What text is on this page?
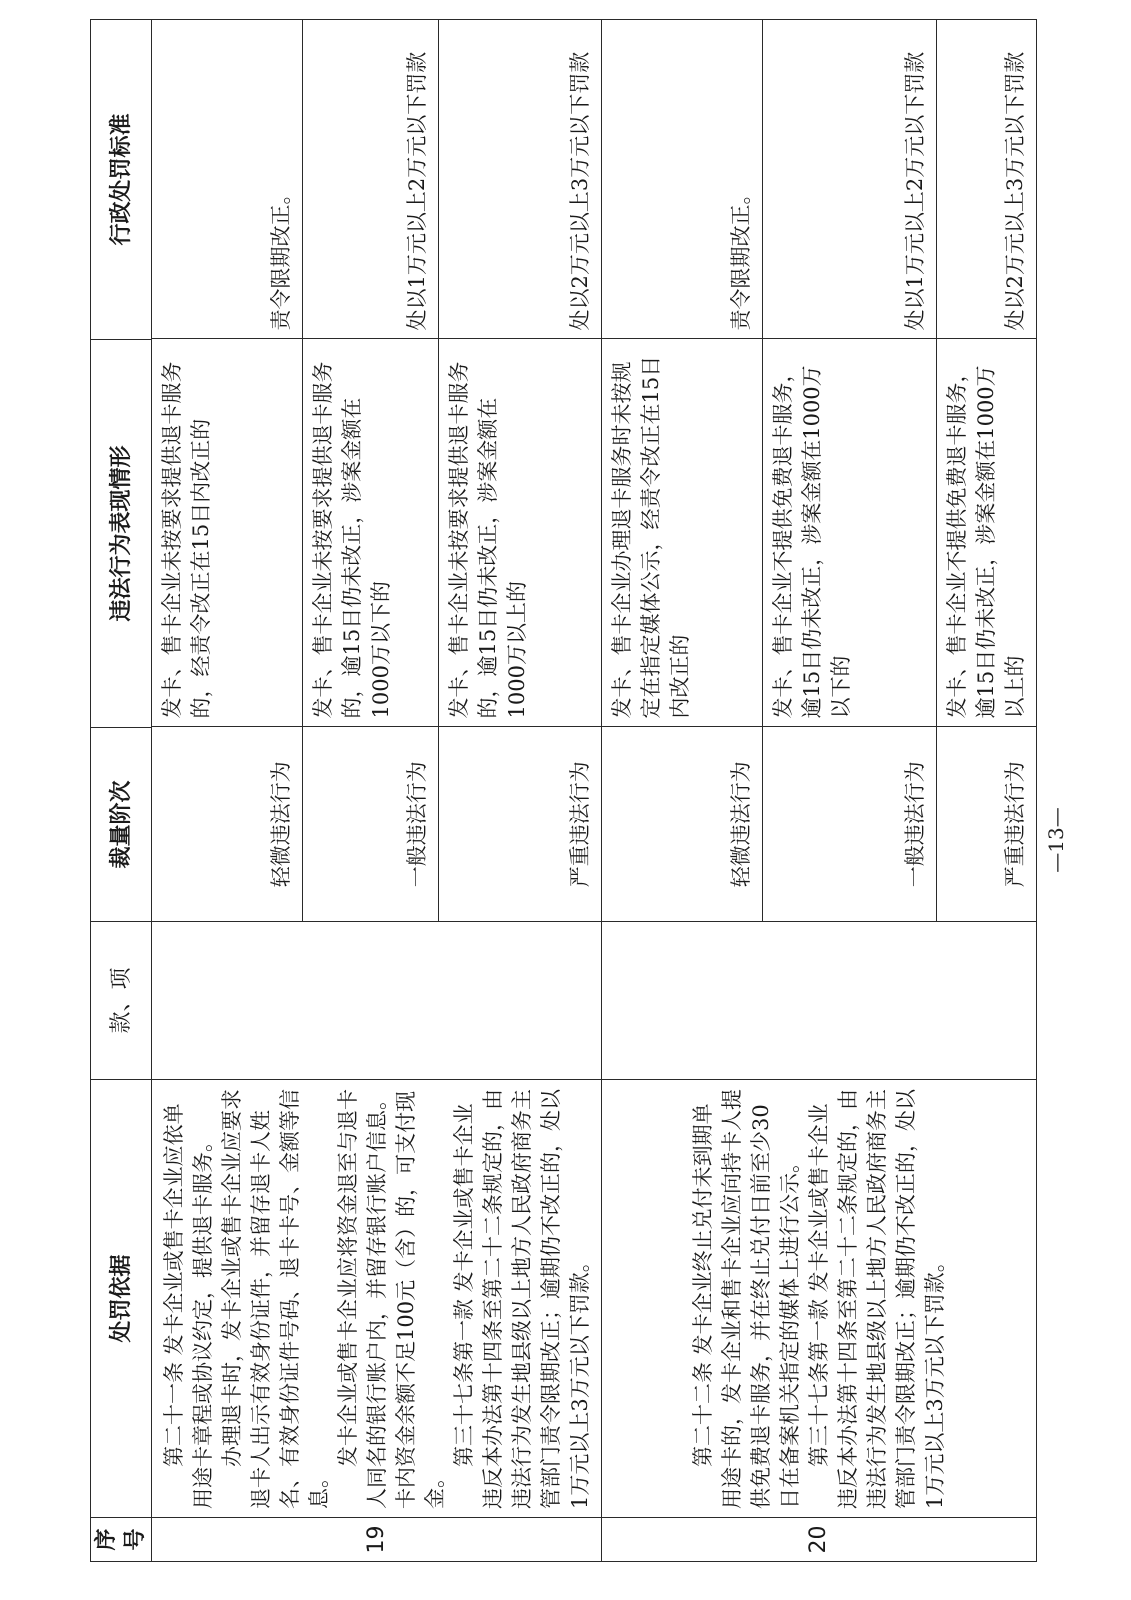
序号	处罚依据	款、项	裁量阶次	违法行为表现情形	行政处罚标准
19	

第二十一条 发卡企业或售卡企业应依单用途卡章程或协议约定，提供退卡服务。 办理退卡时，发卡企业或售卡企业应要求退卡人出示有效身份证件，并留存退卡人姓名、有效身份证件号码、退卡卡号、金额等信息。

发卡企业或售卡企业应将资金退至与退卡人同名的银行账户内，并留存银行账户信息。卡内资金余额不足100元（含）的，可支付现金。

第三十七条第一款 发卡企业或售卡企业违反本办法第十四条至第二十二条规定的，由违法行为发生地县级以上地方人民政府商务主管部门责令限期改正；逾期仍不改正的，处以1万元以上3万元以下罚款。

轻微违法行为	发卡、售卡企业未按要求提供退卡服务的，经责令改正在15日内改正的	责令限期改正。
一般违法行为	发卡、售卡企业未按要求提供退卡服务的，逾15日仍未改正，涉案金额在1000万以下的	处以1万元以上2万元以下罚款
严重违法行为	发卡、售卡企业未按要求提供退卡服务的，逾15日仍未改正，涉案金额在1000万以上的	处以2万元以上3万元以下罚款

20	

第二十二条 发卡企业终止兑付未到期单用途卡的，发卡企业和售卡企业应向持卡人提供免费退卡服务，并在终止兑付日前至少30日在备案机关指定的媒体上进行公示。 第三十七条第一款 发卡企业或售卡企业违反本办法第十四条至第二十二条规定的，由违法行为发生地县级以上地方人民政府商务主管部门责令限期改正；逾期仍不改正的，处以1万元以上3万元以下罚款。

轻微违法行为	发卡、售卡企业办理退卡服务时未按规定在指定媒体公示，经责令改正在15日内改正的	责令限期改正。
一般违法行为	发卡、售卡企业不提供免费退卡服务，逾15日仍未改正，涉案金额在1000万以下的	处以1万元以上2万元以下罚款
严重违法行为	发卡、售卡企业不提供免费退卡服务，逾15日仍未改正，涉案金额在1000万以上的	处以2万元以上3万元以下罚款
—13—
